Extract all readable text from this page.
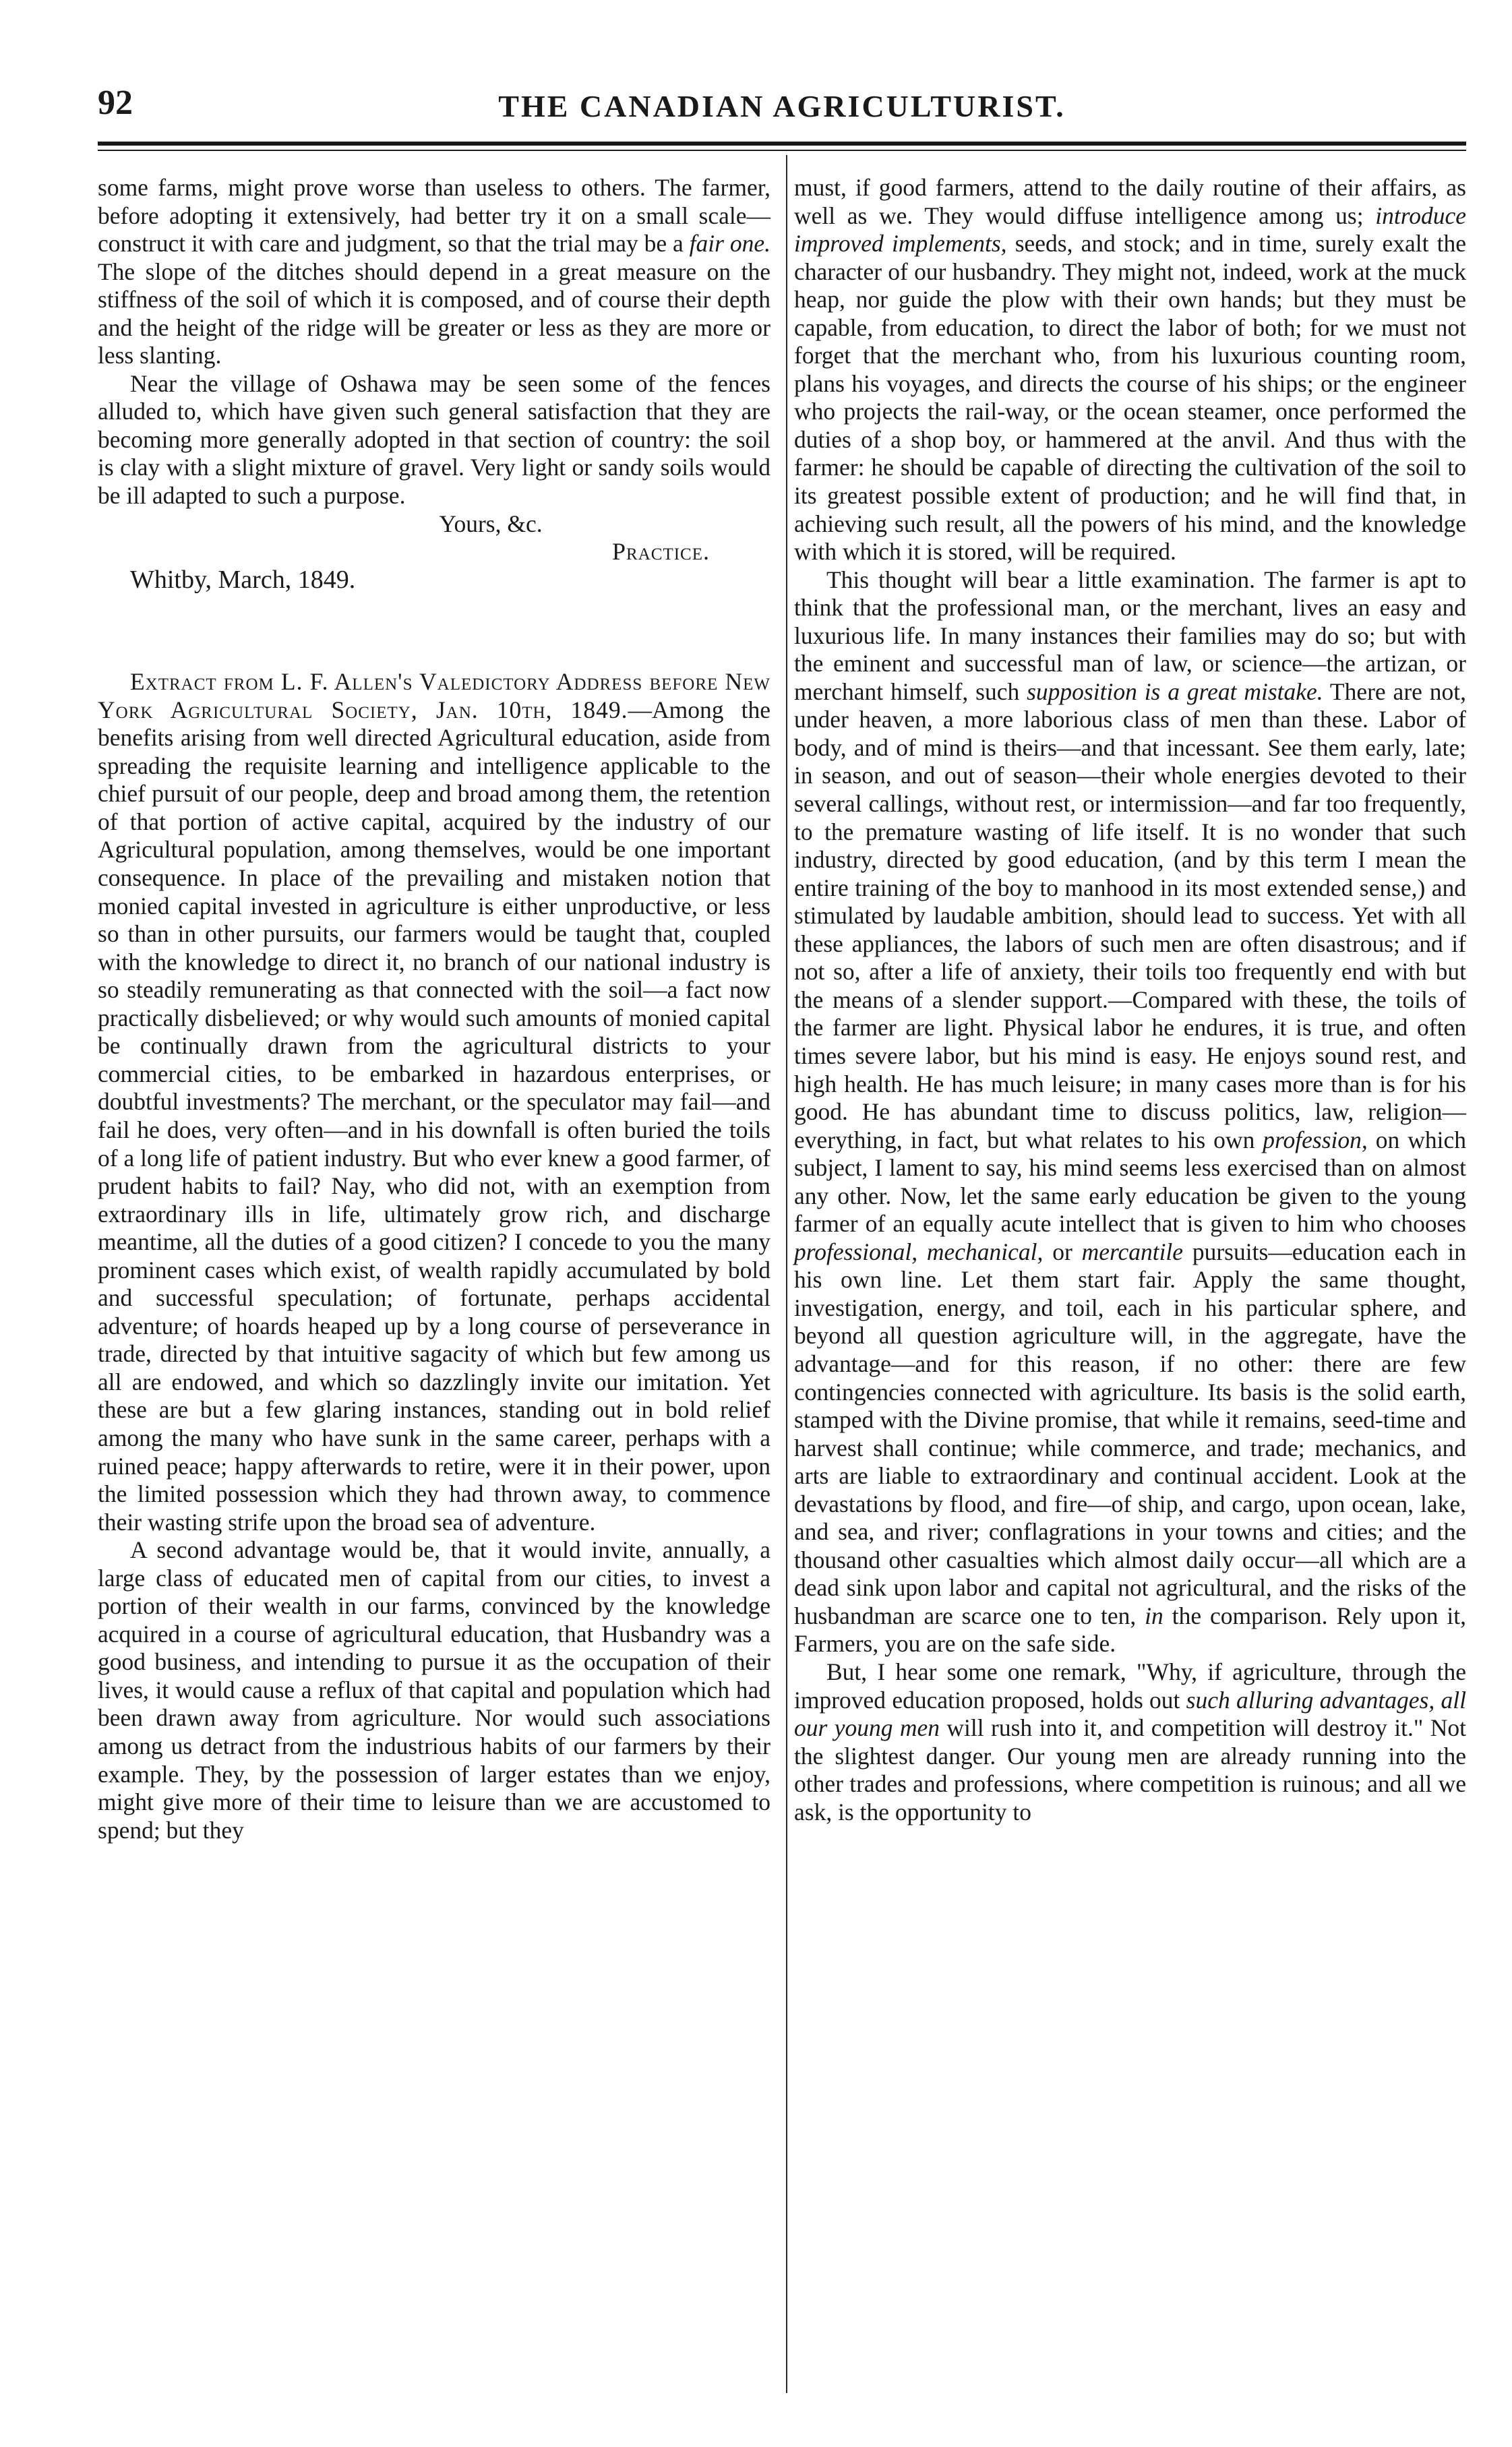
92	THE CANADIAN AGRICULTURIST.

some farms, might prove worse than useless to others. The farmer, before adopting it extensively, had better try it on a small scale—construct it with care and judgment, so that the trial may be a fair one. The slope of the ditches should depend in a great measure on the stiffness of the soil of which it is composed, and of course their depth and the height of the ridge will be greater or less as they are more or less slanting.

Near the village of Oshawa may be seen some of the fences alluded to, which have given such general satisfaction that they are becoming more generally adopted in that section of country: the soil is clay with a slight mixture of gravel. Very light or sandy soils would be ill adapted to such a purpose.

Yours, &c.

Practice.

Whitby, March, 1849.

Extract from L. F. Allen's Valedictory Address before New York Agricultural Society, Jan. 10th, 1849.—Among the benefits arising from well directed Agricultural education, aside from spreading the requisite learning and intelligence applicable to the chief pursuit of our people, deep and broad among them, the retention of that portion of active capital, acquired by the industry of our Agricultural population, among themselves, would be one important consequence. In place of the prevailing and mistaken notion that monied capital invested in agriculture is either unproductive, or less so than in other pursuits, our farmers would be taught that, coupled with the knowledge to direct it, no branch of our national industry is so steadily remunerating as that connected with the soil—a fact now practically disbelieved; or why would such amounts of monied capital be continually drawn from the agricultural districts to your commercial cities, to be embarked in hazardous enterprises, or doubtful investments? The merchant, or the speculator may fail—and fail he does, very often—and in his downfall is often buried the toils of a long life of patient industry. But who ever knew a good farmer, of prudent habits to fail? Nay, who did not, with an exemption from extraordinary ills in life, ultimately grow rich, and discharge meantime, all the duties of a good citizen? I concede to you the many prominent cases which exist, of wealth rapidly accumulated by bold and successful speculation; of fortunate, perhaps accidental adventure; of hoards heaped up by a long course of perseverance in trade, directed by that intuitive sagacity of which but few among us all are endowed, and which so dazzlingly invite our imitation. Yet these are but a few glaring instances, standing out in bold relief among the many who have sunk in the same career, perhaps with a ruined peace; happy afterwards to retire, were it in their power, upon the limited possession which they had thrown away, to commence their wasting strife upon the broad sea of adventure.

A second advantage would be, that it would invite, annually, a large class of educated men of capital from our cities, to invest a portion of their wealth in our farms, convinced by the knowledge acquired in a course of agricultural education, that Husbandry was a good business, and intending to pursue it as the occupation of their lives, it would cause a reflux of that capital and population which had been drawn away from agriculture. Nor would such associations among us detract from the industrious habits of our farmers by their example. They, by the possession of larger estates than we enjoy, might give more of their time to leisure than we are accustomed to spend; but they

must, if good farmers, attend to the daily routine of their affairs, as well as we. They would diffuse intelligence among us; introduce improved implements, seeds, and stock; and in time, surely exalt the character of our husbandry. They might not, indeed, work at the muck heap, nor guide the plow with their own hands; but they must be capable, from education, to direct the labor of both; for we must not forget that the merchant who, from his luxurious counting room, plans his voyages, and directs the course of his ships; or the engineer who projects the rail-way, or the ocean steamer, once performed the duties of a shop boy, or hammered at the anvil. And thus with the farmer: he should be capable of directing the cultivation of the soil to its greatest possible extent of production; and he will find that, in achieving such result, all the powers of his mind, and the knowledge with which it is stored, will be required.

This thought will bear a little examination. The farmer is apt to think that the professional man, or the merchant, lives an easy and luxurious life. In many instances their families may do so; but with the eminent and successful man of law, or science—the artizan, or merchant himself, such supposition is a great mistake. There are not, under heaven, a more laborious class of men than these. Labor of body, and of mind is theirs—and that incessant. See them early, late; in season, and out of season—their whole energies devoted to their several callings, without rest, or intermission—and far too frequently, to the premature wasting of life itself. It is no wonder that such industry, directed by good education, (and by this term I mean the entire training of the boy to manhood in its most extended sense,) and stimulated by laudable ambition, should lead to success. Yet with all these appliances, the labors of such men are often disastrous; and if not so, after a life of anxiety, their toils too frequently end with but the means of a slender support.—Compared with these, the toils of the farmer are light. Physical labor he endures, it is true, and often times severe labor, but his mind is easy. He enjoys sound rest, and high health. He has much leisure; in many cases more than is for his good. He has abundant time to discuss politics, law, religion—everything, in fact, but what relates to his own profession, on which subject, I lament to say, his mind seems less exercised than on almost any other. Now, let the same early education be given to the young farmer of an equally acute intellect that is given to him who chooses professional, mechanical, or mercantile pursuits—education each in his own line. Let them start fair. Apply the same thought, investigation, energy, and toil, each in his particular sphere, and beyond all question agriculture will, in the aggregate, have the advantage—and for this reason, if no other: there are few contingencies connected with agriculture. Its basis is the solid earth, stamped with the Divine promise, that while it remains, seed-time and harvest shall continue; while commerce, and trade; mechanics, and arts are liable to extraordinary and continual accident. Look at the devastations by flood, and fire—of ship, and cargo, upon ocean, lake, and sea, and river; conflagrations in your towns and cities; and the thousand other casualties which almost daily occur—all which are a dead sink upon labor and capital not agricultural, and the risks of the husbandman are scarce one to ten, in the comparison. Rely upon it, Farmers, you are on the safe side.

But, I hear some one remark, "Why, if agriculture, through the improved education proposed, holds out such alluring advantages, all our young men will rush into it, and competition will destroy it." Not the slightest danger. Our young men are already running into the other trades and professions, where competition is ruinous; and all we ask, is the opportunity to
